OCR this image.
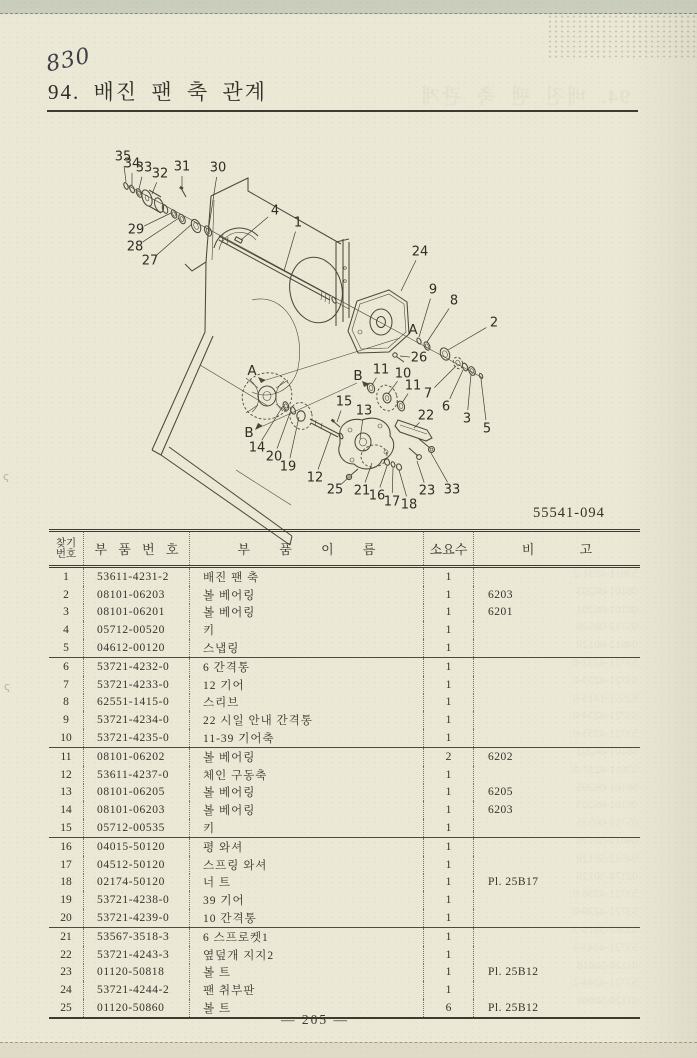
ς
ς
830
94. 배진 팬 축 관계	94. 배진 팬 축 관계
35
34
33 32 31 30
29
28
27
4
1
24
9
8
2
26
7
6
3
5
11 10
11
15
13	22
12
14
20
19
25 21
16
17 18
23 33
A
A	B
B
55541-094
찾기
번호	부 품 번 호	부 품 이 름	소요수	비 고
1	53611-4231-2	배진 팬 축	1
2	08101-06203	볼 베어링	1	6203
3	08101-06201	볼 베어링	1	6201
4	05712-00520	키	1
5	04612-00120	스냅링	1
6	53721-4232-0	6 간격통	1
7	53721-4233-0	12 기어	1
8	62551-1415-0	스리브	1
9	53721-4234-0	22 시일 안내 간격통	1
10	53721-4235-0	11-39 기어축	1
11	08101-06202	볼 베어링	2	6202
12	53611-4237-0	체인 구동축	1
13	08101-06205	볼 베어링	1	6205
14	08101-06203	볼 베어링	1	6203
15	05712-00535	키	1
16	04015-50120	평 와셔	1
17	04512-50120	스프링 와셔	1
18	02174-50120	너 트	1	Pl. 25B17
19	53721-4238-0	39 기어	1
20	53721-4239-0	10 간격통	1
21	53567-3518-3	6 스프로켓1	1
22	53721-4243-3	옆덮개 지지2	1
23	01120-50818	볼 트	1	Pl. 25B12
24	53721-4244-2	팬 취부판	1
25	01120-50860	볼 트	6	Pl. 25B12
53611-4231-2
08101-06203
08101-06201
05712-00520
04612-00120
53721-4232-0
53721-4233-0
62551-1415-0
53721-4234-0
53721-4235-0
08101-06202
53611-4237-0
08101-06205
08101-06203
05712-00535
04015-50120
04512-50120
02174-50120
53721-4238-0
53721-4239-0
53567-3518-3
53721-4243-3
01120-50818
53721-4244-2
01120-50860
— 205 —
